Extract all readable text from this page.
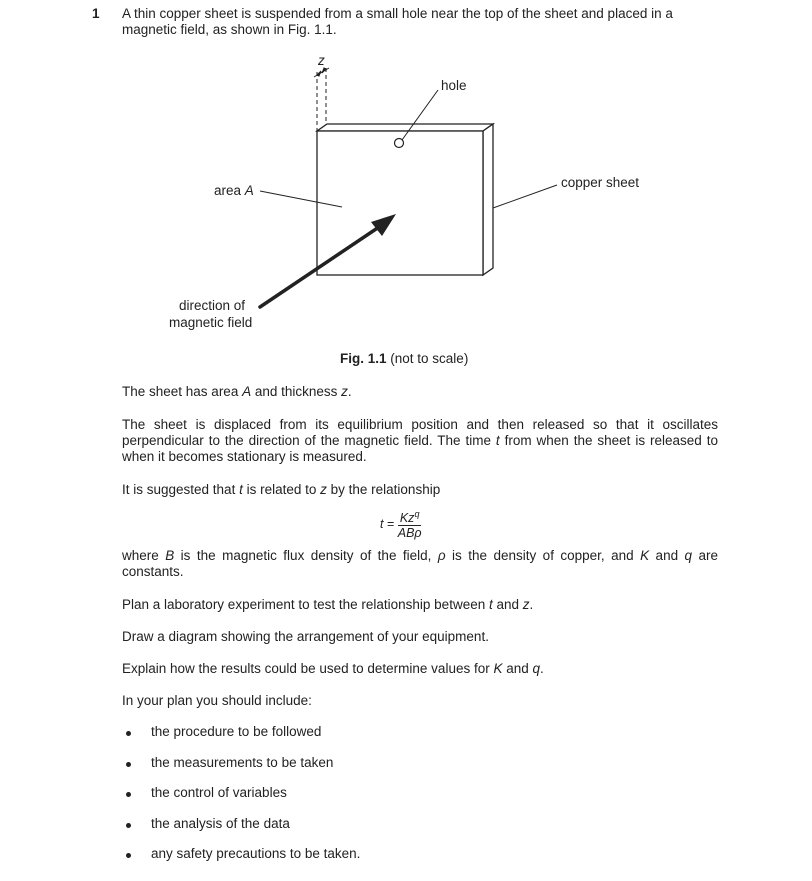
1 A thin copper sheet is suspended from a small hole near the top of the sheet and placed in a
magnetic field, as shown in Fig. 1.1.
z
hole
area A
copper sheet
direction of
magnetic field
Fig. 1.1 (not to scale)
The sheet has area A and thickness z.
The sheet is displaced from its equilibrium position and then released so that it oscillates perpendicular to the direction of the magnetic field. The time t from when the sheet is released to when it becomes stationary is measured.
It is suggested that t is related to z by the relationship
$t = Kz^q$
ABρ
where B is the magnetic flux density of the field, ρ is the density of copper, and K and q are constants.
Plan a laboratory experiment to test the relationship between t and z.
Draw a diagram showing the arrangement of your equipment.
Explain how the results could be used to determine values for K and q.
In your plan you should include:
the procedure to be followed
the measurements to be taken
the control of variables
the analysis of the data
any safety precautions to be taken.
